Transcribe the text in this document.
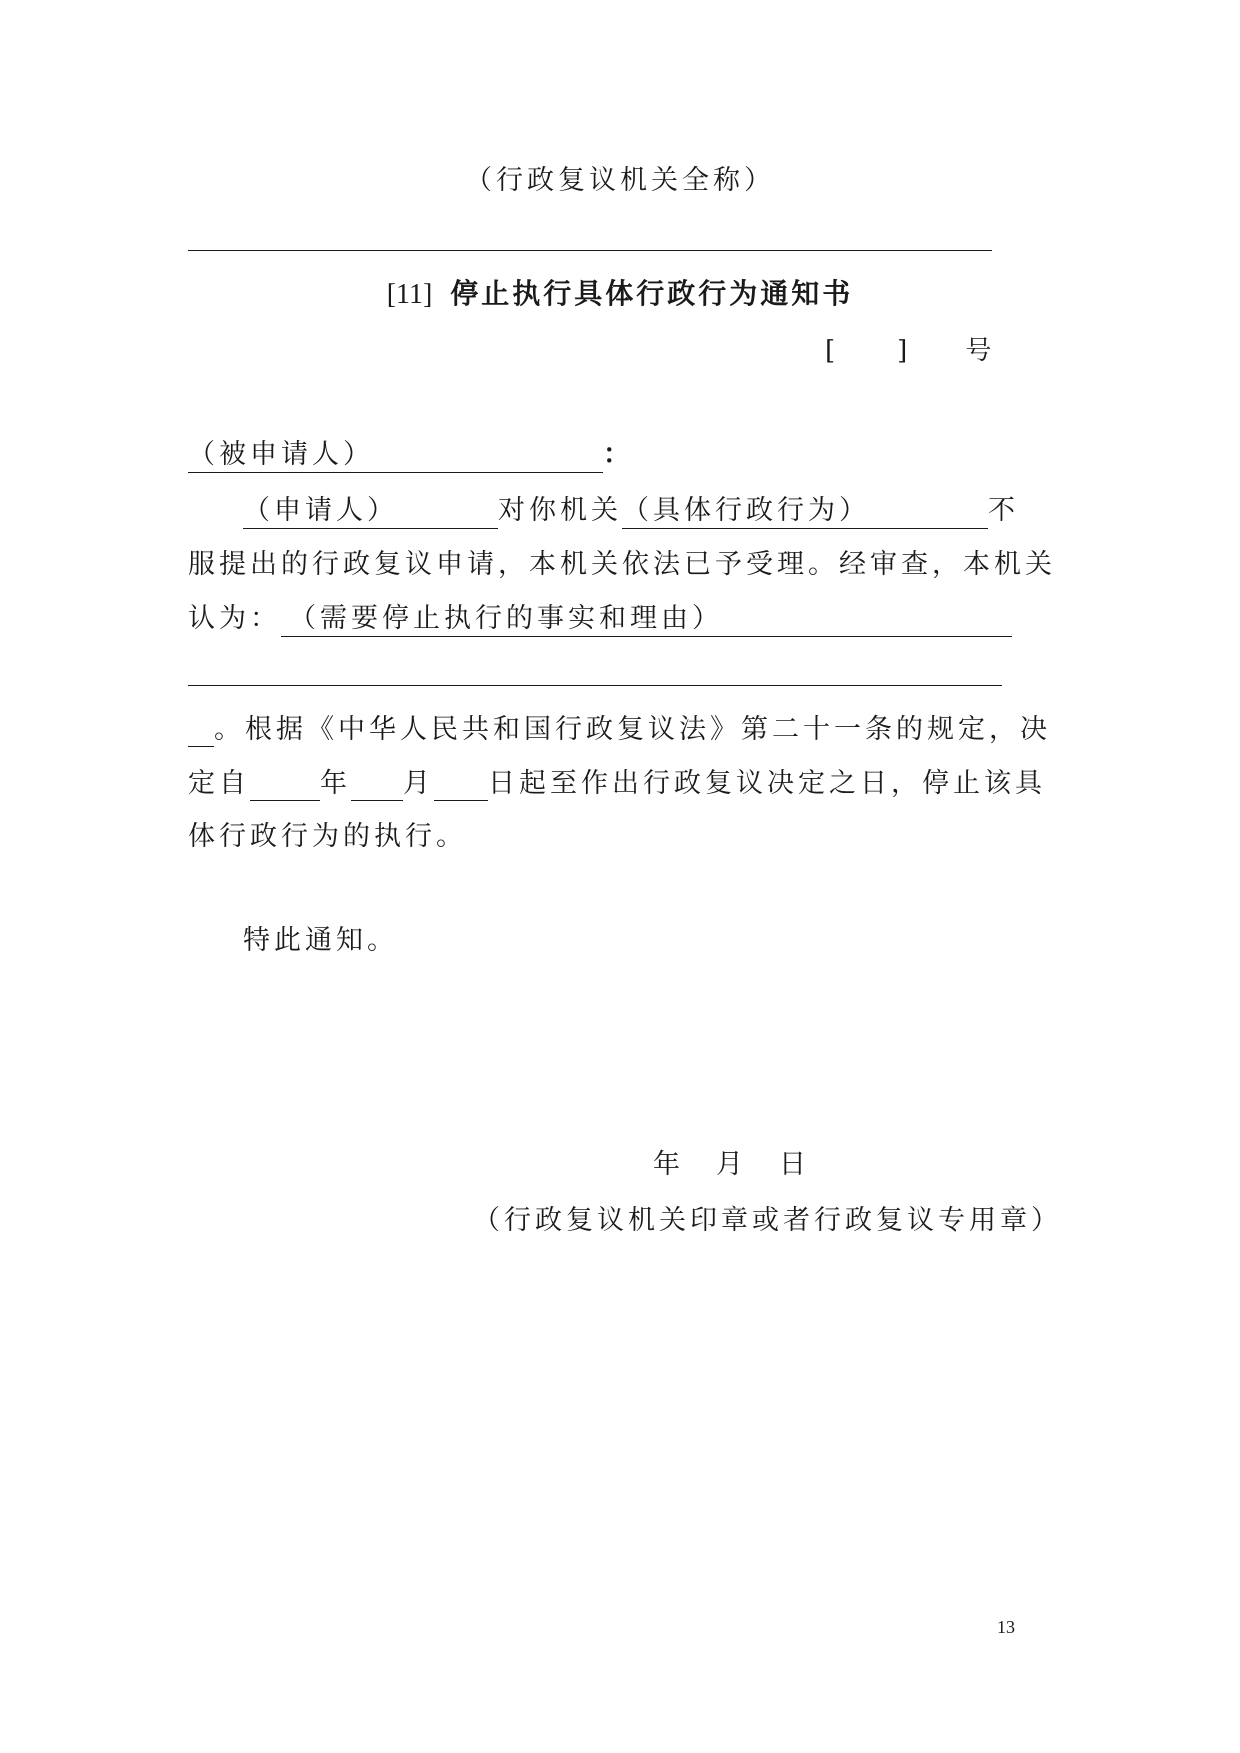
（行政复议机关全称）
[11] 停止执行具体行政行为通知书
[ ] 号
（被申请人）	：
（申请人）	对你机关（具体行政行为）	不
服提出的行政复议申请，本机关依法已予受理。经审查，本机关
认为： （需要停止执行的事实和理由）
。根据《中华人民共和国行政复议法》第二十一条的规定，决
定自	年 月 日起至作出行政复议决定之日，停止该具
体行政行为的执行。
特此通知。
年 月 日
（行政复议机关印章或者行政复议专用章）
13
